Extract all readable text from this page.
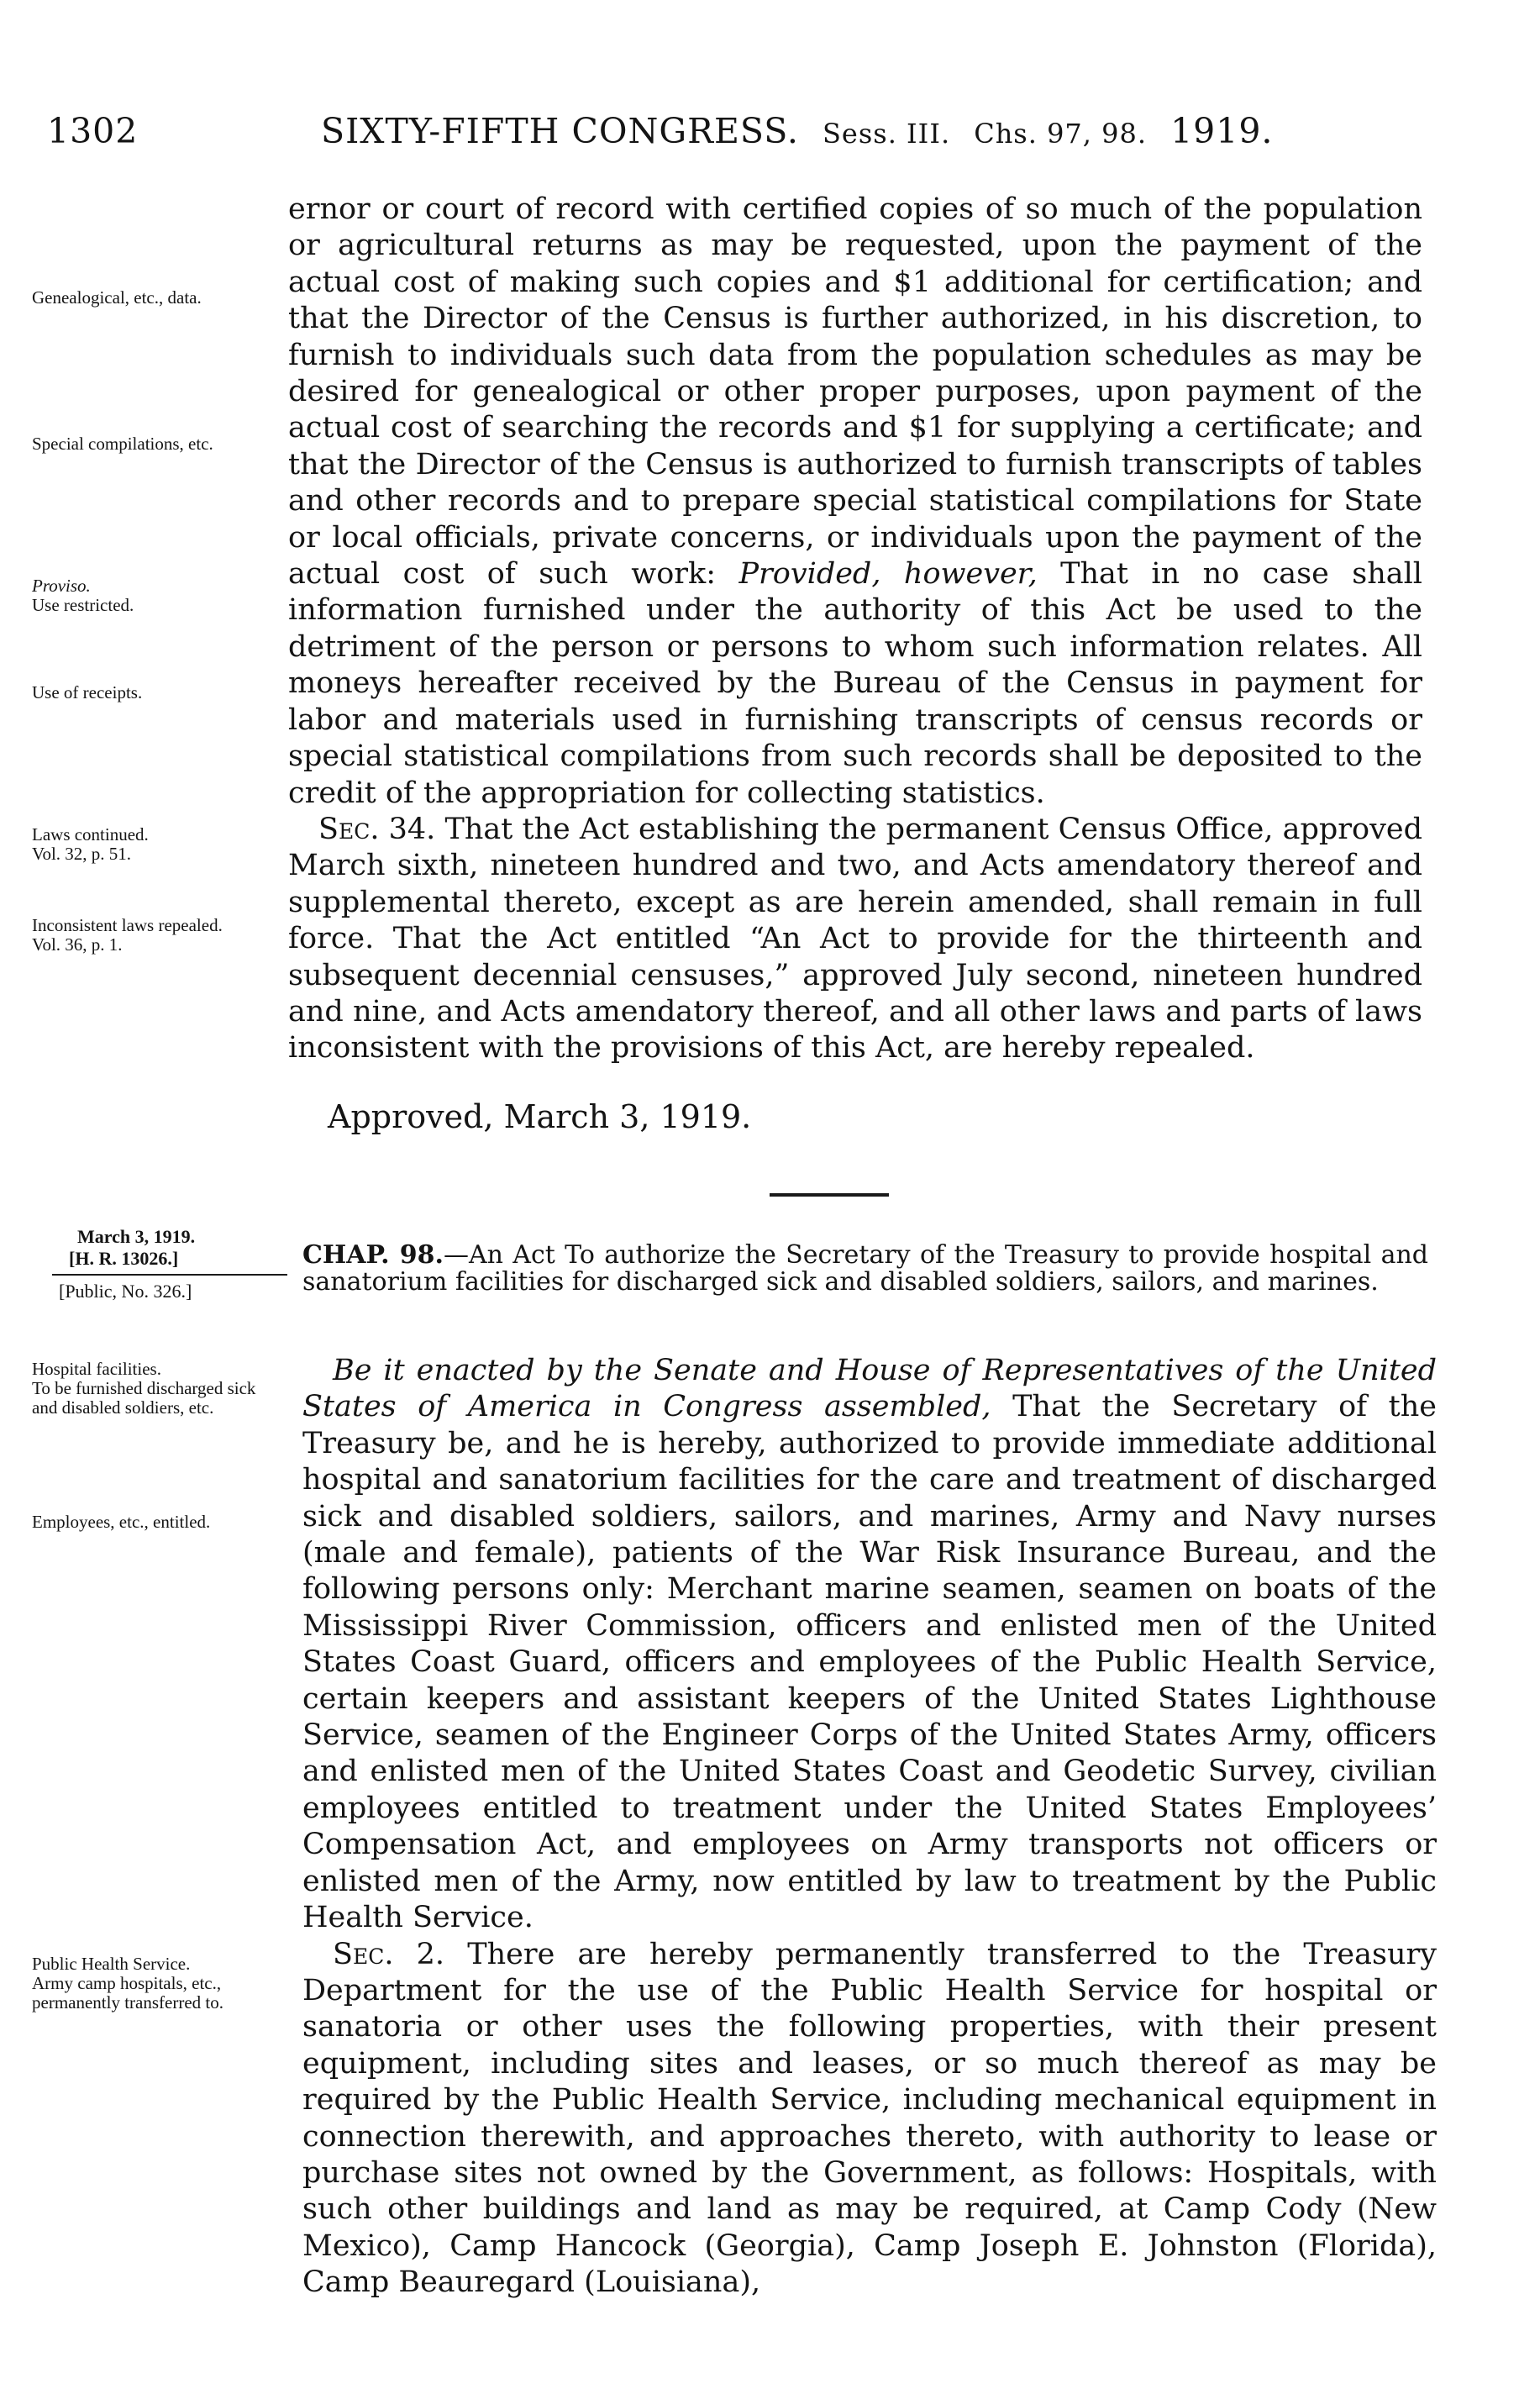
1302	SIXTY-FIFTH CONGRESS. Sess. III. Chs. 97, 98. 1919.
Genealogical, etc., data.
Special compilations, etc.
Proviso.
Use restricted.
Use of receipts.
Laws continued.
Vol. 32, p. 51.
Inconsistent laws repealed.
Vol. 36, p. 1.

ernor or court of record with certified copies of so much of the population or agricultural returns as may be requested, upon the payment of the actual cost of making such copies and $1 additional for certification; and that the Director of the Census is further authorized, in his discretion, to furnish to individuals such data from the population schedules as may be desired for genealogical or other proper purposes, upon payment of the actual cost of searching the records and $1 for supplying a certificate; and that the Director of the Census is authorized to furnish transcripts of tables and other records and to prepare special statistical compilations for State or local officials, private concerns, or individuals upon the payment of the actual cost of such work: Provided, however, That in no case shall information furnished under the authority of this Act be used to the detriment of the person or persons to whom such information relates. All moneys hereafter received by the Bureau of the Census in payment for labor and materials used in furnishing transcripts of census records or special statistical compilations from such records shall be deposited to the credit of the appropriation for collecting statistics.

Sec. 34. That the Act establishing the permanent Census Office, approved March sixth, nineteen hundred and two, and Acts amendatory thereof and supplemental thereto, except as are herein amended, shall remain in full force. That the Act entitled “An Act to provide for the thirteenth and subsequent decennial censuses,” approved July second, nineteen hundred and nine, and Acts amendatory thereof, and all other laws and parts of laws inconsistent with the provisions of this Act, are hereby repealed.

Approved, March 3, 1919.
March 3, 1919.
[H. R. 13026.]
[Public, No. 326.]
CHAP. 98.—An Act To authorize the Secretary of the Treasury to provide hospital and sanatorium facilities for discharged sick and disabled soldiers, sailors, and marines.
Hospital facilities.
To be furnished discharged sick and disabled soldiers, etc.
Employees, etc., entitled.
Public Health Service.
Army camp hospitals, etc., permanently transferred to.

Be it enacted by the Senate and House of Representatives of the United States of America in Congress assembled, That the Secretary of the Treasury be, and he is hereby, authorized to provide immediate additional hospital and sanatorium facilities for the care and treatment of discharged sick and disabled soldiers, sailors, and marines, Army and Navy nurses (male and female), patients of the War Risk Insurance Bureau, and the following persons only: Merchant marine seamen, seamen on boats of the Mississippi River Commission, officers and enlisted men of the United States Coast Guard, officers and employees of the Public Health Service, certain keepers and assistant keepers of the United States Lighthouse Service, seamen of the Engineer Corps of the United States Army, officers and enlisted men of the United States Coast and Geodetic Survey, civilian employees entitled to treatment under the United States Employees’ Compensation Act, and employees on Army transports not officers or enlisted men of the Army, now entitled by law to treatment by the Public Health Service.

Sec. 2. There are hereby permanently transferred to the Treasury Department for the use of the Public Health Service for hospital or sanatoria or other uses the following properties, with their present equipment, including sites and leases, or so much thereof as may be required by the Public Health Service, including mechanical equipment in connection therewith, and approaches thereto, with authority to lease or purchase sites not owned by the Government, as follows: Hospitals, with such other buildings and land as may be required, at Camp Cody (New Mexico), Camp Hancock (Georgia), Camp Joseph E. Johnston (Florida), Camp Beauregard (Louisiana),
